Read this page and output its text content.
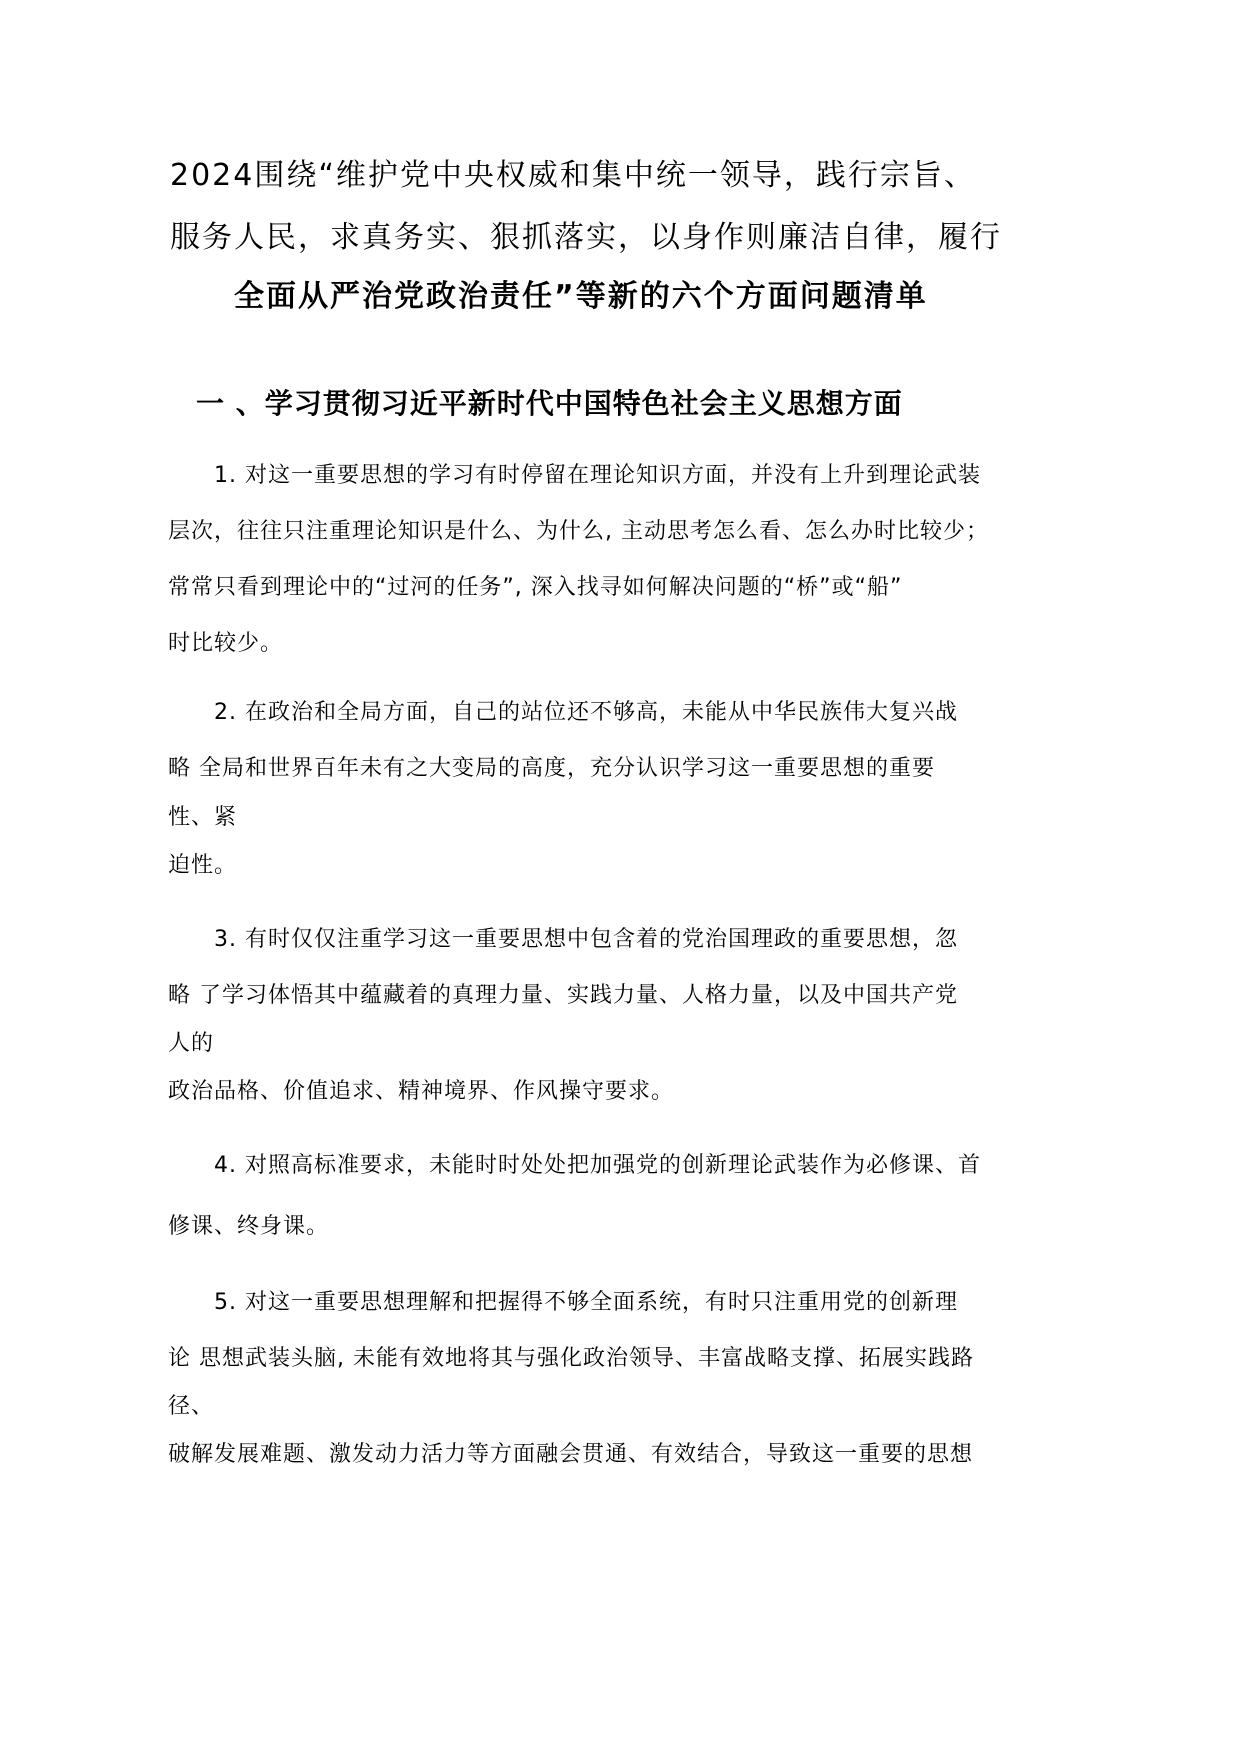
2024围绕“维护党中央权威和集中统一领导，践行宗旨、

服务人民，求真务实、狠抓落实，以身作则廉洁自律，履行

全面从严治党政治责任”等新的六个方面问题清单

一 、学习贯彻习近平新时代中国特色社会主义思想方面

1. 对这一重要思想的学习有时停留在理论知识方面，并没有上升到理论武装

层次，往往只注重理论知识是什么、为什么, 主动思考怎么看、怎么办时比较少；

常常只看到理论中的“过河的任务”, 深入找寻如何解决问题的“桥”或“船”

时比较少。

2. 在政治和全局方面，自己的站位还不够高，未能从中华民族伟大复兴战

略 全局和世界百年未有之大变局的高度，充分认识学习这一重要思想的重要

性、紧

迫性。

3. 有时仅仅注重学习这一重要思想中包含着的党治国理政的重要思想，忽

略 了学习体悟其中蕴藏着的真理力量、实践力量、人格力量，以及中国共产党

人的

政治品格、价值追求、精神境界、作风操守要求。

4. 对照高标准要求，未能时时处处把加强党的创新理论武装作为必修课、首

修课、终身课。

5. 对这一重要思想理解和把握得不够全面系统，有时只注重用党的创新理

论 思想武装头脑, 未能有效地将其与强化政治领导、丰富战略支撑、拓展实践路

径、

破解发展难题、激发动力活力等方面融会贯通、有效结合，导致这一重要的思想
